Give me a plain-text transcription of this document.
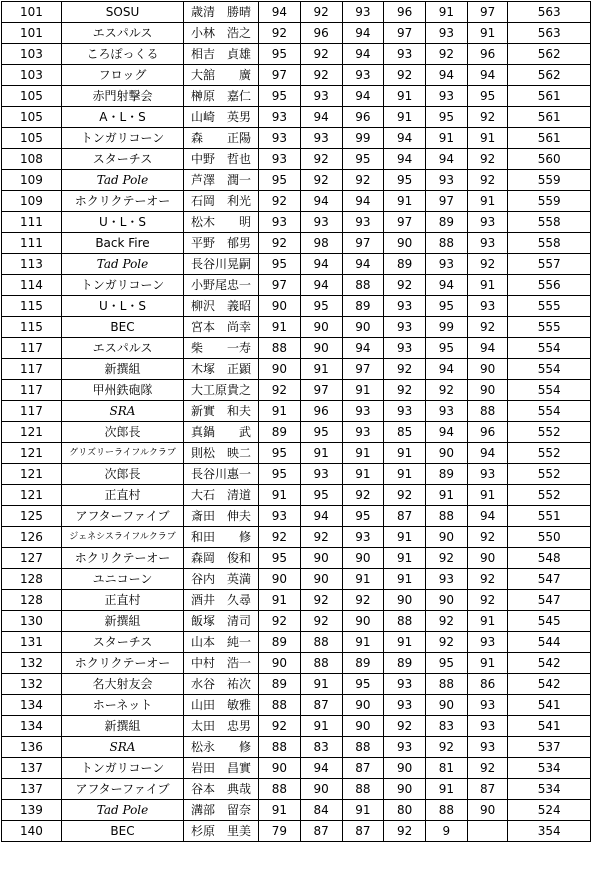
101	SOSU	歳清　勝晴	94	92	93	96	91	97	563
101	エスパルス	小林　浩之	92	96	94	97	93	91	563
103	ころぽっくる	相吉　貞雄	95	92	94	93	92	96	562
103	フロッグ	大舘　　廣	97	92	93	92	94	94	562
105	赤門射撃会	榊原　嘉仁	95	93	94	91	93	95	561
105	A・L・S	山崎　英男	93	94	96	91	95	92	561
105	トンガリコーン	森　　正陽	93	93	99	94	91	91	561
108	スターチス	中野　哲也	93	92	95	94	94	92	560
109	Tad Pole	芦澤　潤一	95	92	92	95	93	92	559
109	ホクリクテーオー	石岡　利光	92	94	94	91	97	91	559
111	U・L・S	松木　　明	93	93	93	97	89	93	558
111	Back Fire	平野　郁男	92	98	97	90	88	93	558
113	Tad Pole	長谷川晃嗣	95	94	94	89	93	92	557
114	トンガリコーン	小野尾忠一	97	94	88	92	94	91	556
115	U・L・S	柳沢　義昭	90	95	89	93	95	93	555
115	BEC	宮本　尚幸	91	90	90	93	99	92	555
117	エスパルス	柴　　一寿	88	90	94	93	95	94	554
117	新撰組	木塚　正顕	90	91	97	92	94	90	554
117	甲州鉄砲隊	大工原貴之	92	97	91	92	92	90	554
117	SRA	新實　和夫	91	96	93	93	93	88	554
121	次郎長	真鍋　　武	89	95	93	85	94	96	552
121	グリズリーライフルクラブ	則松　映二	95	91	91	91	90	94	552
121	次郎長	長谷川惠一	95	93	91	91	89	93	552
121	正直村	大石　清道	91	95	92	92	91	91	552
125	アフターファイブ	斎田　伸夫	93	94	95	87	88	94	551
126	ジェネシスライフルクラブ	和田　　修	92	92	93	91	90	92	550
127	ホクリクテーオー	森岡　俊和	95	90	90	91	92	90	548
128	ユニコーン	谷内　英満	90	90	91	91	93	92	547
128	正直村	酒井　久尋	91	92	92	90	90	92	547
130	新撰組	飯塚　清司	92	92	90	88	92	91	545
131	スターチス	山本　純一	89	88	91	91	92	93	544
132	ホクリクテーオー	中村　浩一	90	88	89	89	95	91	542
132	名大射友会	水谷　祐次	89	91	95	93	88	86	542
134	ホーネット	山田　敏雅	88	87	90	93	90	93	541
134	新撰組	太田　忠男	92	91	90	92	83	93	541
136	SRA	松永　　修	88	83	88	93	92	93	537
137	トンガリコーン	岩田　昌實	90	94	87	90	81	92	534
137	アフターファイブ	谷本　典哉	88	90	88	90	91	87	534
139	Tad Pole	溝部　留奈	91	84	91	80	88	90	524
140	BEC	杉原　里美	79	87	87	92	9		354
